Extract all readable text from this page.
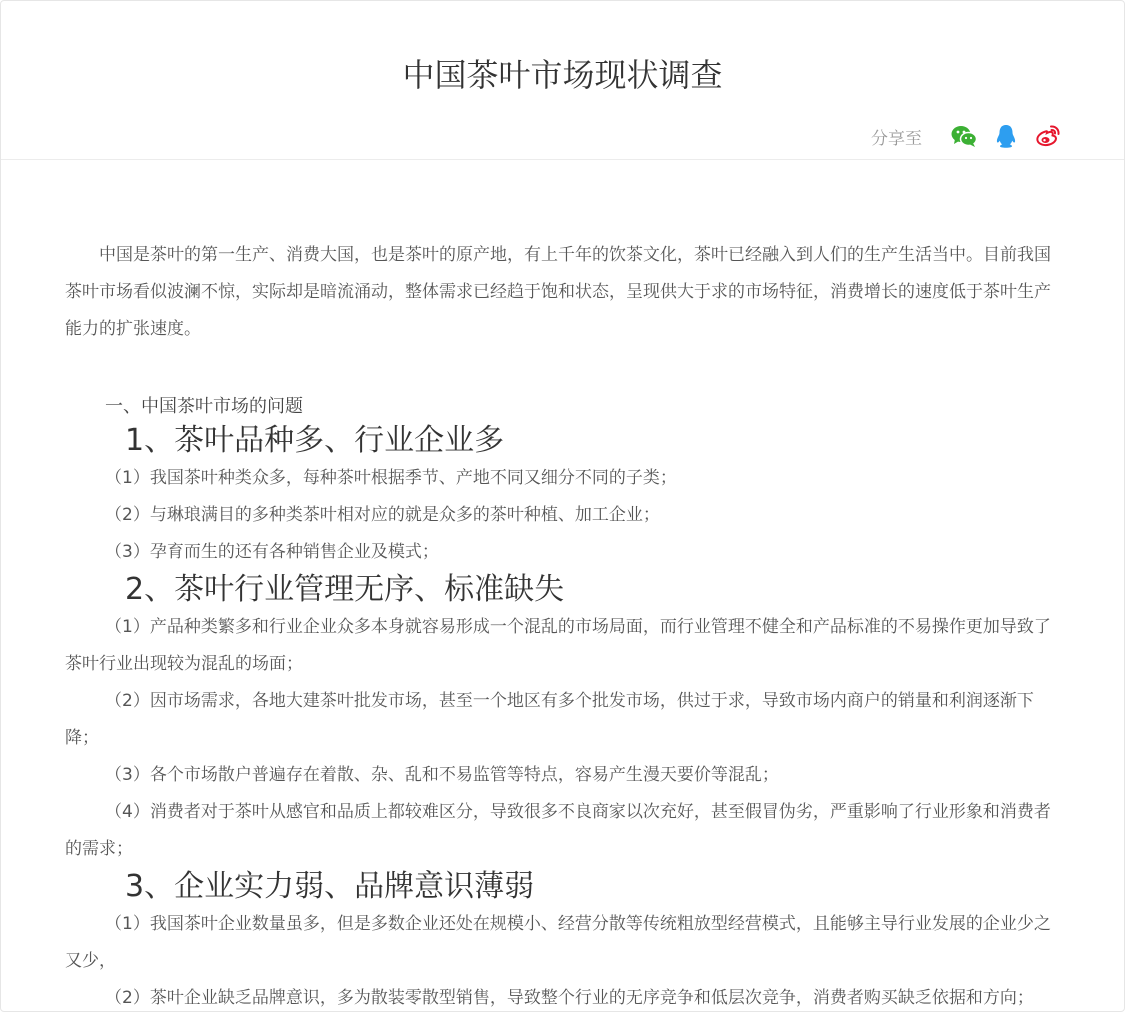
中国茶叶市场现状调查
分享至

中国是茶叶的第一生产、消费大国，也是茶叶的原产地，有上千年的饮茶文化，茶叶已经融入到人们的生产生活当中。目前我国茶叶市场看似波澜不惊，实际却是暗流涌动，整体需求已经趋于饱和状态，呈现供大于求的市场特征，消费增长的速度低于茶叶生产能力的扩张速度。

一、中国茶叶市场的问题

1、茶叶品种多、行业企业多

（1）我国茶叶种类众多，每种茶叶根据季节、产地不同又细分不同的子类；

（2）与琳琅满目的多种类茶叶相对应的就是众多的茶叶种植、加工企业；

（3）孕育而生的还有各种销售企业及模式；

2、茶叶行业管理无序、标准缺失

（1）产品种类繁多和行业企业众多本身就容易形成一个混乱的市场局面，而行业管理不健全和产品标准的不易操作更加导致了茶叶行业出现较为混乱的场面；

（2）因市场需求，各地大建茶叶批发市场，甚至一个地区有多个批发市场，供过于求，导致市场内商户的销量和利润逐渐下降；

（3）各个市场散户普遍存在着散、杂、乱和不易监管等特点，容易产生漫天要价等混乱；

（4）消费者对于茶叶从感官和品质上都较难区分，导致很多不良商家以次充好，甚至假冒伪劣，严重影响了行业形象和消费者的需求；

3、企业实力弱、品牌意识薄弱

（1）我国茶叶企业数量虽多，但是多数企业还处在规模小、经营分散等传统粗放型经营模式，且能够主导行业发展的企业少之又少，

（2）茶叶企业缺乏品牌意识，多为散装零散型销售，导致整个行业的无序竞争和低层次竞争，消费者购买缺乏依据和方向；
